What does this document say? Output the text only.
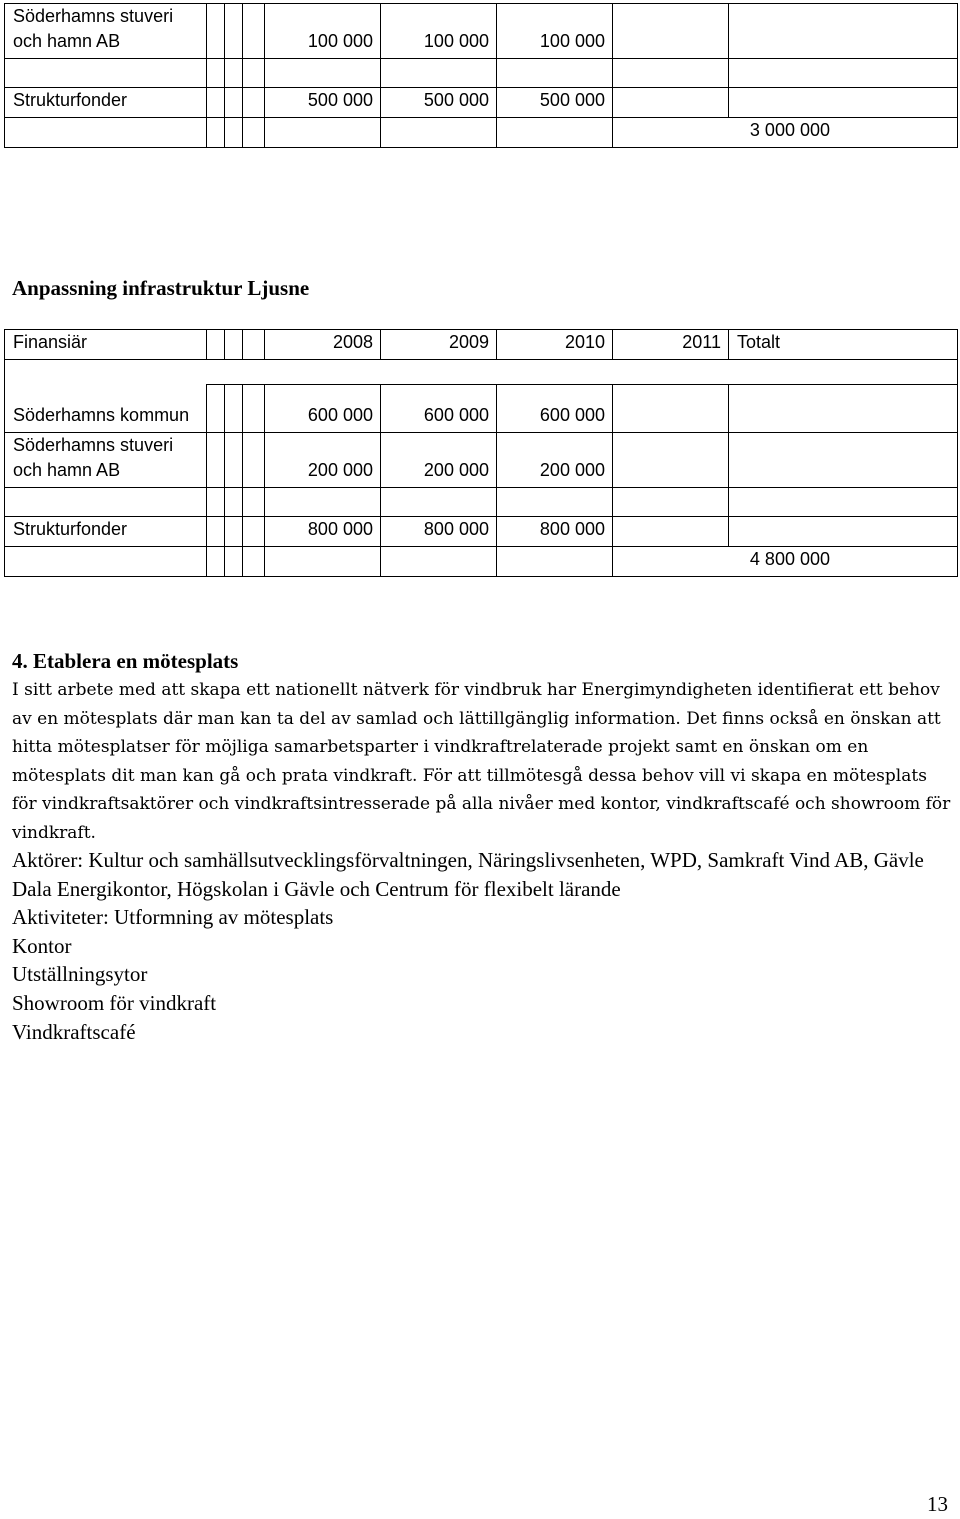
Söderhamns stuveri och hamn AB				100 000	100 000	100 000		

Strukturfonder				500 000	500 000	500 000		
							3 000 000	
Anpassning infrastruktur Ljusne
Finansiär				2008	2009	2010	2011	Totalt

Söderhamns kommun				600 000	600 000	600 000		
Söderhamns stuveri och hamn AB				200 000	200 000	200 000		

Strukturfonder				800 000	800 000	800 000		
							4 800 000	
4. Etablera en mötesplats

I sitt arbete med att skapa ett nationellt nätverk för vindbruk har Energimyndigheten identifierat ett behov av en mötesplats där man kan ta del av samlad och lättillgänglig information. Det finns också en önskan att hitta mötesplatser för möjliga samarbetsparter i vindkraftrelaterade projekt samt en önskan om en mötesplats dit man kan gå och prata vindkraft. För att tillmötesgå dessa behov vill vi skapa en mötesplats för vindkraftsaktörer och vindkraftsintresserade på alla nivåer med kontor, vindkraftscafé och showroom för vindkraft.

Aktörer: Kultur och samhällsutvecklingsförvaltningen, Näringslivsenheten, WPD, Samkraft Vind AB, Gävle Dala Energikontor, Högskolan i Gävle och Centrum för flexibelt lärande

Aktiviteter: Utformning av mötesplats

Kontor

Utställningsytor

Showroom för vindkraft

Vindkraftscafé

13
